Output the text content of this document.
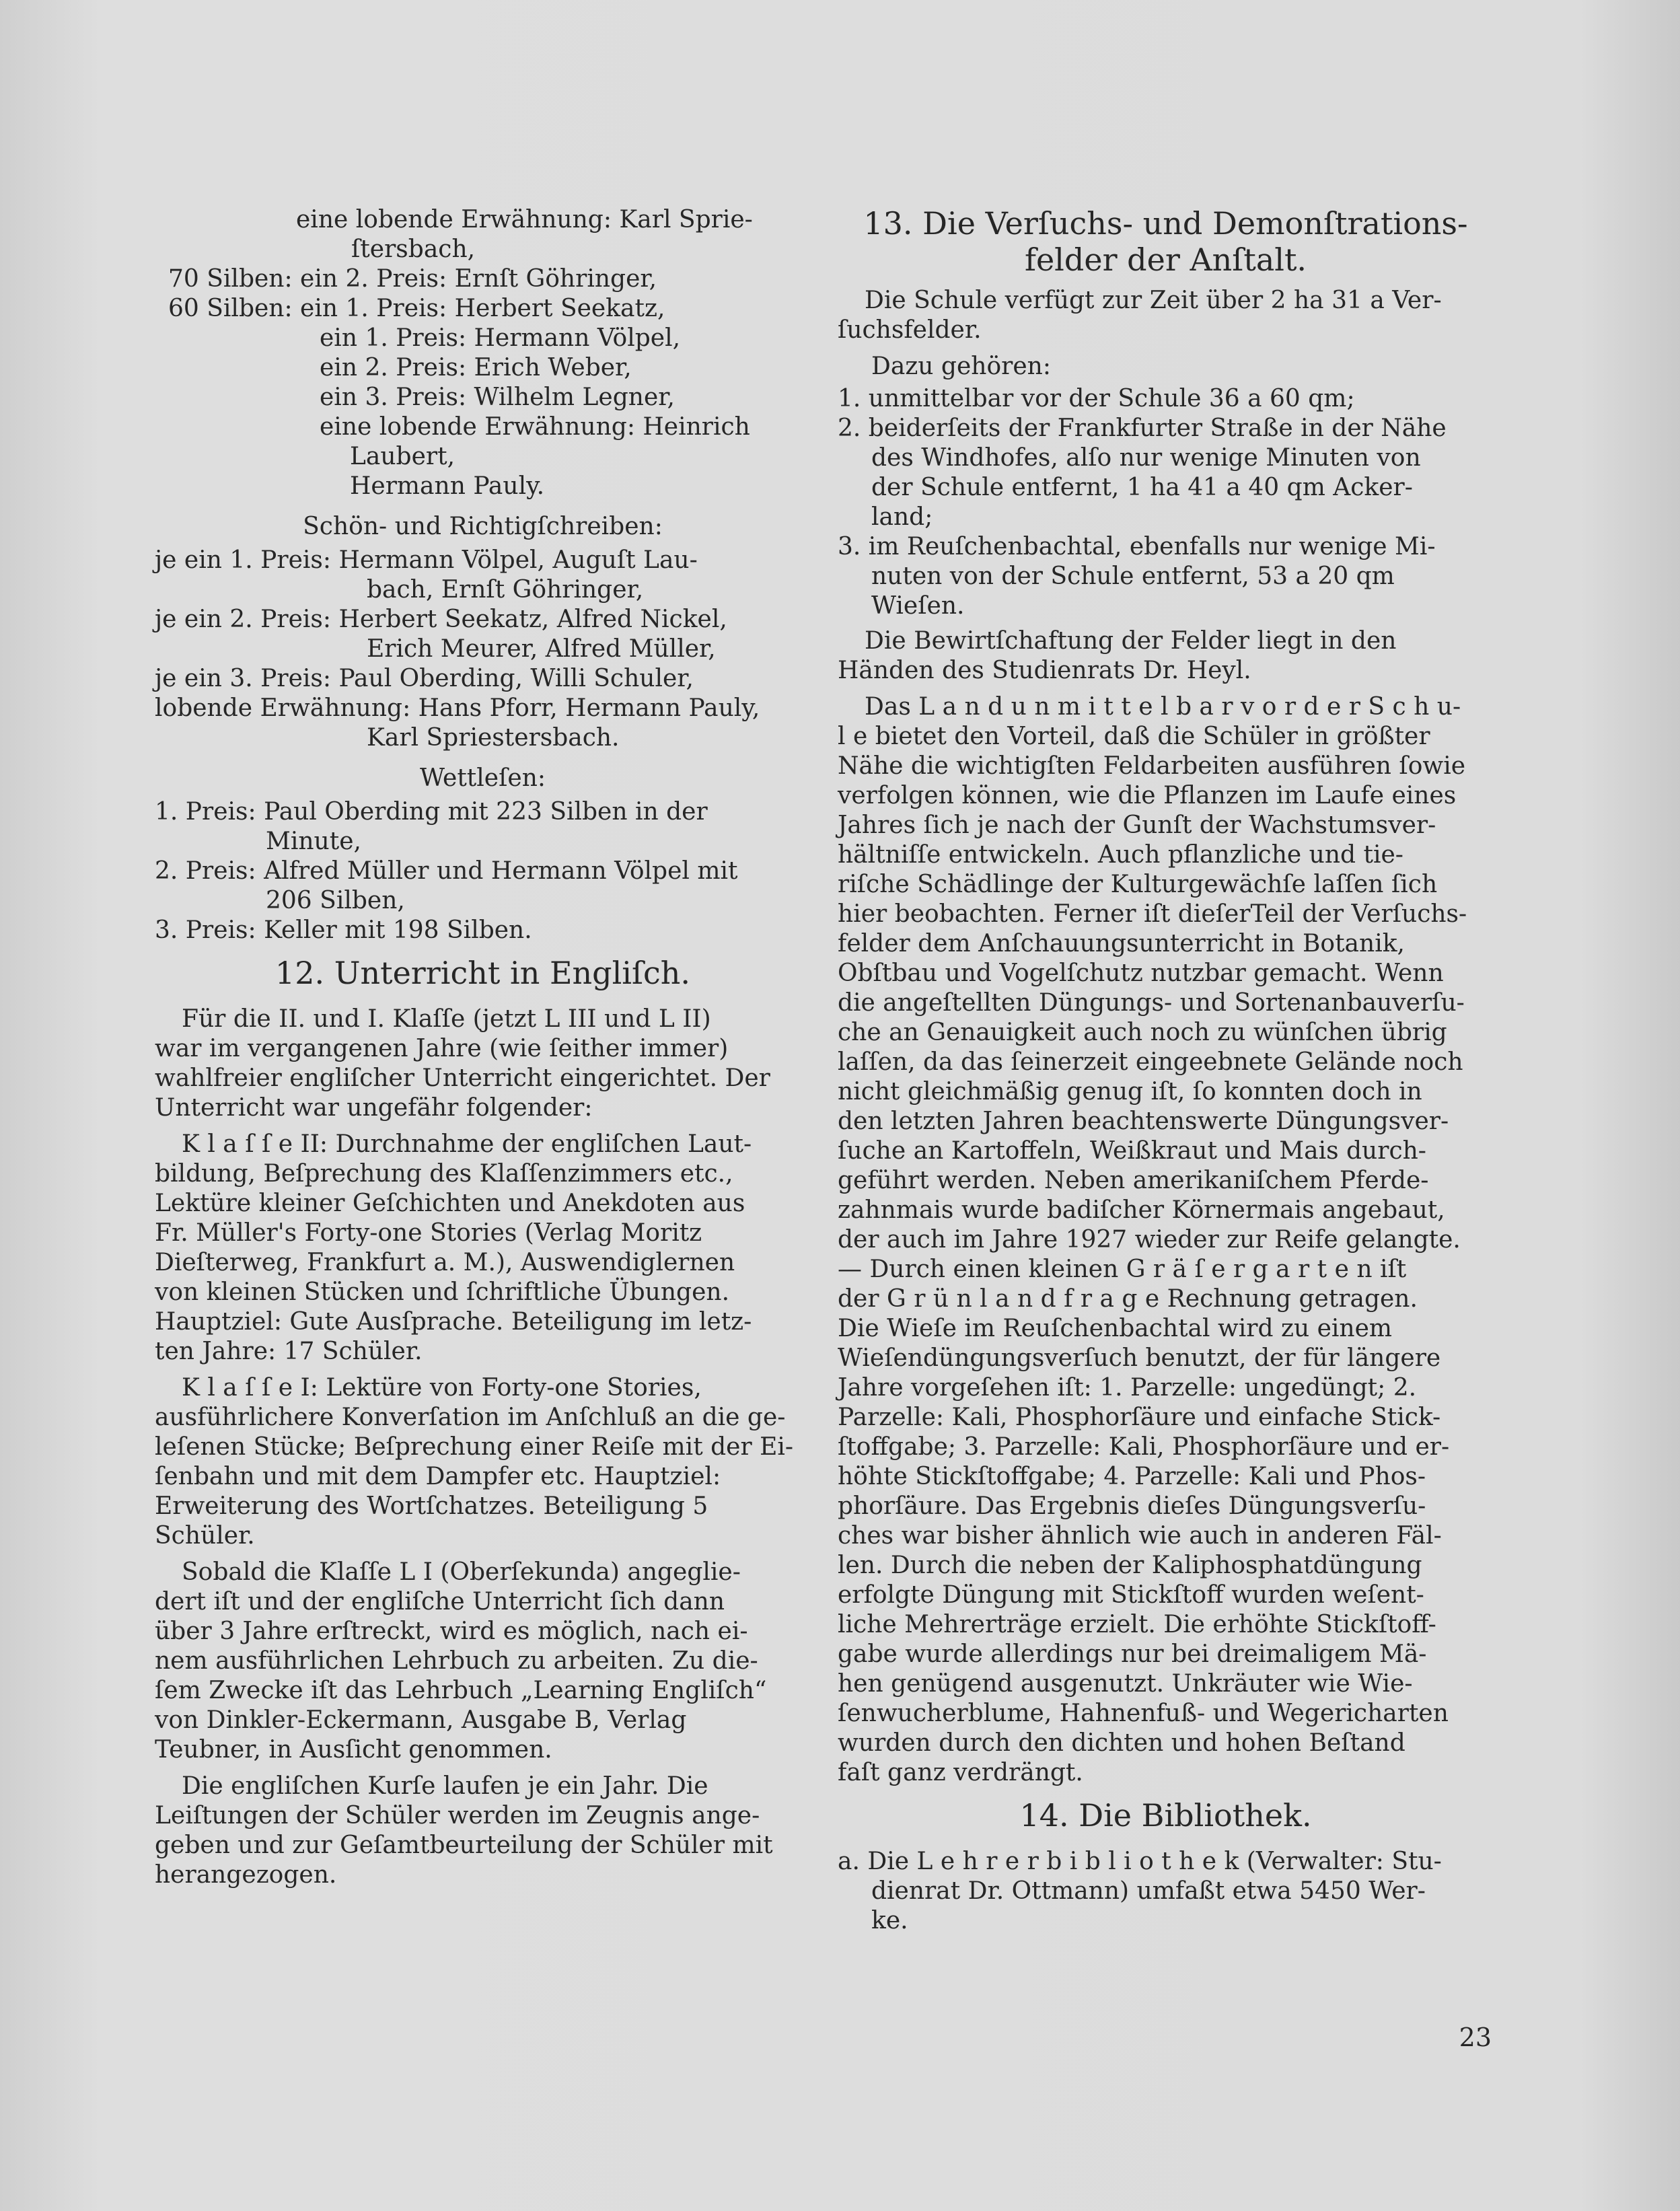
eine lobende Erwähnung: Karl Sprie-
ſtersbach,
70 Silben: ein 2. Preis: Ernſt Göhringer,
60 Silben: ein 1. Preis: Herbert Seekatz,
ein 1. Preis: Hermann Völpel,
ein 2. Preis: Erich Weber,
ein 3. Preis: Wilhelm Legner,
eine lobende Erwähnung: Heinrich
Laubert,
Hermann Pauly.
Schön- und Richtigſchreiben:
je ein 1. Preis: Hermann Völpel, Auguſt Lau-
bach, Ernſt Göhringer,
je ein 2. Preis: Herbert Seekatz, Alfred Nickel,
Erich Meurer, Alfred Müller,
je ein 3. Preis: Paul Oberding, Willi Schuler,
lobende Erwähnung: Hans Pforr, Hermann Pauly,
Karl Spriestersbach.
Wettleſen:
1. Preis: Paul Oberding mit 223 Silben in der
Minute,
2. Preis: Alfred Müller und Hermann Völpel mit
206 Silben,
3. Preis: Keller mit 198 Silben.
12. Unterricht in Engliſch.

Für die II. und I. Klaſſe (jetzt L III und L II)
war im vergangenen Jahre (wie ſeither immer)
wahlfreier engliſcher Unterricht eingerichtet. Der
Unterricht war ungefähr folgender:

K l a ſ ſ e II: Durchnahme der engliſchen Laut-
bildung, Beſprechung des Klaſſenzimmers etc.,
Lektüre kleiner Geſchichten und Anekdoten aus
Fr. Müller's Forty-one Stories (Verlag Moritz
Dieſterweg, Frankfurt a. M.), Auswendiglernen
von kleinen Stücken und ſchriftliche Übungen.
Hauptziel: Gute Ausſprache. Beteiligung im letz-
ten Jahre: 17 Schüler.

K l a ſ ſ e I: Lektüre von Forty-one Stories,
ausführlichere Konverſation im Anſchluß an die ge-
leſenen Stücke; Beſprechung einer Reiſe mit der Ei-
ſenbahn und mit dem Dampfer etc. Hauptziel:
Erweiterung des Wortſchatzes. Beteiligung 5
Schüler.

Sobald die Klaſſe L I (Oberſekunda) angeglie-
dert iſt und der engliſche Unterricht ſich dann
über 3 Jahre erſtreckt, wird es möglich, nach ei-
nem ausführlichen Lehrbuch zu arbeiten. Zu die-
ſem Zwecke iſt das Lehrbuch „Learning Engliſch“
von Dinkler-Eckermann, Ausgabe B, Verlag
Teubner, in Ausſicht genommen.

Die engliſchen Kurſe laufen je ein Jahr. Die
Leiſtungen der Schüler werden im Zeugnis ange-
geben und zur Geſamtbeurteilung der Schüler mit
herangezogen.

13. Die Verſuchs- und Demonſtrations-
felder der Anſtalt.

Die Schule verfügt zur Zeit über 2 ha 31 a Ver-
ſuchsfelder.

Dazu gehören:
1. unmittelbar vor der Schule 36 a 60 qm;
2. beiderſeits der Frankfurter Straße in der Nähe
des Windhofes, alſo nur wenige Minuten von
der Schule entfernt, 1 ha 41 a 40 qm Acker-
land;
3. im Reuſchenbachtal, ebenfalls nur wenige Mi-
nuten von der Schule entfernt, 53 a 20 qm
Wieſen.

Die Bewirtſchaftung der Felder liegt in den
Händen des Studienrats Dr. Heyl.

Das L a n d u n m i t t e l b a r v o r d e r S c h u-
l e bietet den Vorteil, daß die Schüler in größter
Nähe die wichtigſten Feldarbeiten ausführen ſowie
verfolgen können, wie die Pflanzen im Laufe eines
Jahres ſich je nach der Gunſt der Wachstumsver-
hältniſſe entwickeln. Auch pflanzliche und tie-
riſche Schädlinge der Kulturgewächſe laſſen ſich
hier beobachten. Ferner iſt dieſerTeil der Verſuchs-
felder dem Anſchauungsunterricht in Botanik,
Obſtbau und Vogelſchutz nutzbar gemacht. Wenn
die angeſtellten Düngungs- und Sortenanbauverſu-
che an Genauigkeit auch noch zu wünſchen übrig
laſſen, da das ſeinerzeit eingeebnete Gelände noch
nicht gleichmäßig genug iſt, ſo konnten doch in
den letzten Jahren beachtenswerte Düngungsver-
ſuche an Kartoffeln, Weißkraut und Mais durch-
geführt werden. Neben amerikaniſchem Pferde-
zahnmais wurde badiſcher Körnermais angebaut,
der auch im Jahre 1927 wieder zur Reife gelangte.
— Durch einen kleinen G r ä ſ e r g a r t e n iſt
der G r ü n l a n d f r a g e Rechnung getragen.
Die Wieſe im Reuſchenbachtal wird zu einem
Wieſendüngungsverſuch benutzt, der für längere
Jahre vorgeſehen iſt: 1. Parzelle: ungedüngt; 2.
Parzelle: Kali, Phosphorſäure und einfache Stick-
ſtoffgabe; 3. Parzelle: Kali, Phosphorſäure und er-
höhte Stickſtoffgabe; 4. Parzelle: Kali und Phos-
phorſäure. Das Ergebnis dieſes Düngungsverſu-
ches war bisher ähnlich wie auch in anderen Fäl-
len. Durch die neben der Kaliphosphatdüngung
erfolgte Düngung mit Stickſtoff wurden weſent-
liche Mehrerträge erzielt. Die erhöhte Stickſtoff-
gabe wurde allerdings nur bei dreimaligem Mä-
hen genügend ausgenutzt. Unkräuter wie Wie-
ſenwucherblume, Hahnenfuß- und Wegericharten
wurden durch den dichten und hohen Beſtand
faſt ganz verdrängt.

14. Die Bibliothek.
a. Die L e h r e r b i b l i o t h e k (Verwalter: Stu-
dienrat Dr. Ottmann) umfaßt etwa 5450 Wer-
ke.
23
